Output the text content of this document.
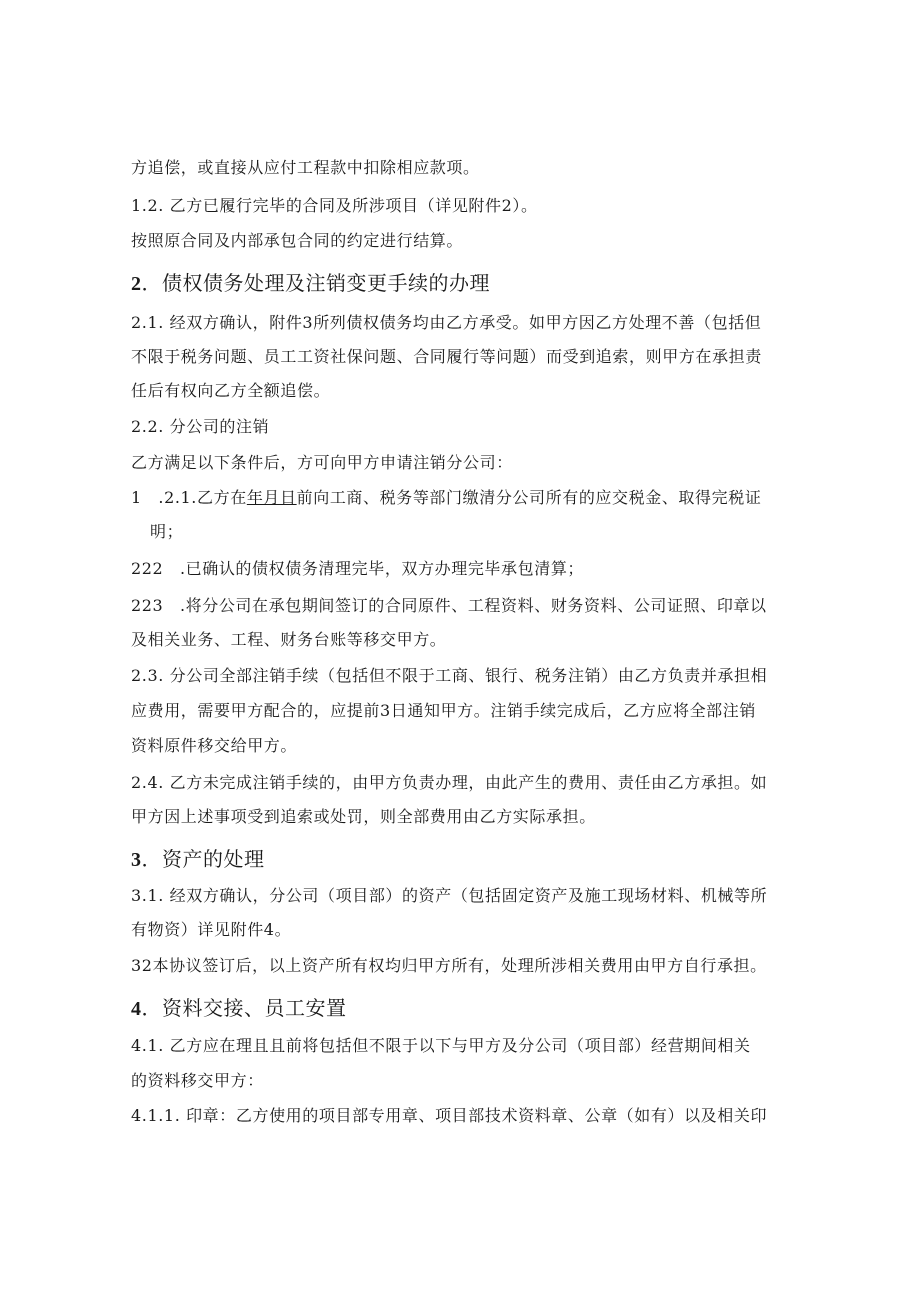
方追偿，或直接从应付工程款中扣除相应款项。
1.2. 乙方已履行完毕的合同及所涉项目（详见附件2）。
按照原合同及内部承包合同的约定进行结算。
2．债权债务处理及注销变更手续的办理
2.1. 经双方确认，附件3所列债权债务均由乙方承受。如甲方因乙方处理不善（包括但
不限于税务问题、员工工资社保问题、合同履行等问题）而受到追索，则甲方在承担责
任后有权向乙方全额追偿。
2.2. 分公司的注销
乙方满足以下条件后，方可向甲方申请注销分公司：
1　.2.1.乙方在年月日前向工商、税务等部门缴清分公司所有的应交税金、取得完税证
明；
222　.已确认的债权债务清理完毕，双方办理完毕承包清算；
223　.将分公司在承包期间签订的合同原件、工程资料、财务资料、公司证照、印章以
及相关业务、工程、财务台账等移交甲方。
2.3. 分公司全部注销手续（包括但不限于工商、银行、税务注销）由乙方负责并承担相
应费用，需要甲方配合的，应提前3日通知甲方。注销手续完成后，乙方应将全部注销
资料原件移交给甲方。
2.4. 乙方未完成注销手续的，由甲方负责办理，由此产生的费用、责任由乙方承担。如
甲方因上述事项受到追索或处罚，则全部费用由乙方实际承担。
3．资产的处理
3.1. 经双方确认，分公司（项目部）的资产（包括固定资产及施工现场材料、机械等所
有物资）详见附件4。
32本协议签订后，以上资产所有权均归甲方所有，处理所涉相关费用由甲方自行承担。
4．资料交接、员工安置
4.1. 乙方应在理且且前将包括但不限于以下与甲方及分公司（项目部）经营期间相关
的资料移交甲方：
4.1.1. 印章：乙方使用的项目部专用章、项目部技术资料章、公章（如有）以及相关印
